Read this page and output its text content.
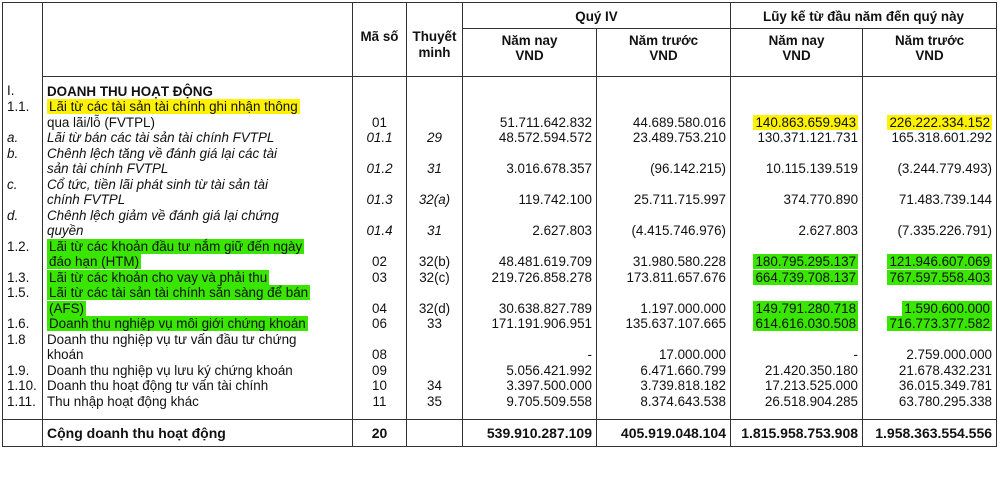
		Mã số	Thuyết
minh	Quý IV		Lũy kế từ đầu năm đến quý này	
				Năm nay	Năm trước	Năm nay	Năm trước
				VND	VND	VND	VND
I.	DOANH THU HOẠT ĐỘNG						
1.1.	Lãi từ các tài sản tài chính ghi nhận thông
qua lãi/lỗ (FVTPL)	01		51.711.642.832	44.689.580.016	140.863.659.943	226.222.334.152
a.	Lãi từ bán các tài sản tài chính FVTPL	01.1	29	48.572.594.572	23.489.753.210	130.371.121.731	165.318.601.292
b.	Chênh lệch tăng về đánh giá lại các tài
sản tài chính FVTPL	01.2	31	3.016.678.357	(96.142.215)	10.115.139.519	(3.244.779.493)
c.	Cổ tức, tiền lãi phát sinh từ tài sản tài
chính FVTPL	01.3	32(a)	119.742.100	25.711.715.997	374.770.890	71.483.739.144
d.	Chênh lệch giảm về đánh giá lại chứng
quyền	01.4	31	2.627.803	(4.415.746.976)	2.627.803	(7.335.226.791)
1.2.	Lãi từ các khoản đầu tư nắm giữ đến ngày
đáo hạn (HTM)	02	32(b)	48.481.619.709	31.980.580.228	180.795.295.137	121.946.607.069
1.3.	Lãi từ các khoản cho vay và phải thu	03	32(c)	219.726.858.278	173.811.657.676	664.739.708.137	767.597.558.403
1.5.	Lãi từ các tài sản tài chính sẵn sàng để bán
(AFS)	04	32(d)	30.638.827.789	1.197.000.000	149.791.280.718	1.590.600.000
1.6.	Doanh thu nghiệp vụ môi giới chứng khoán	06	33	171.191.906.951	135.637.107.665	614.616.030.508	716.773.377.582
1.8	Doanh thu nghiệp vụ tư vấn đầu tư chứng
khoán	08		-	17.000.000	-	2.759.000.000
1.9.	Doanh thu nghiệp vụ lưu ký chứng khoán	09		5.056.421.992	6.471.660.799	21.420.350.180	21.678.432.231
1.10.	Doanh thu hoạt động tư vấn tài chính	10	34	3.397.500.000	3.739.818.182	17.213.525.000	36.015.349.781
1.11.	Thu nhập hoạt động khác	11	35	9.705.509.558	8.374.643.538	26.518.904.285	63.780.295.338

	Cộng doanh thu hoạt động	20		539.910.287.109	405.919.048.104	1.815.958.753.908	1.958.363.554.556
